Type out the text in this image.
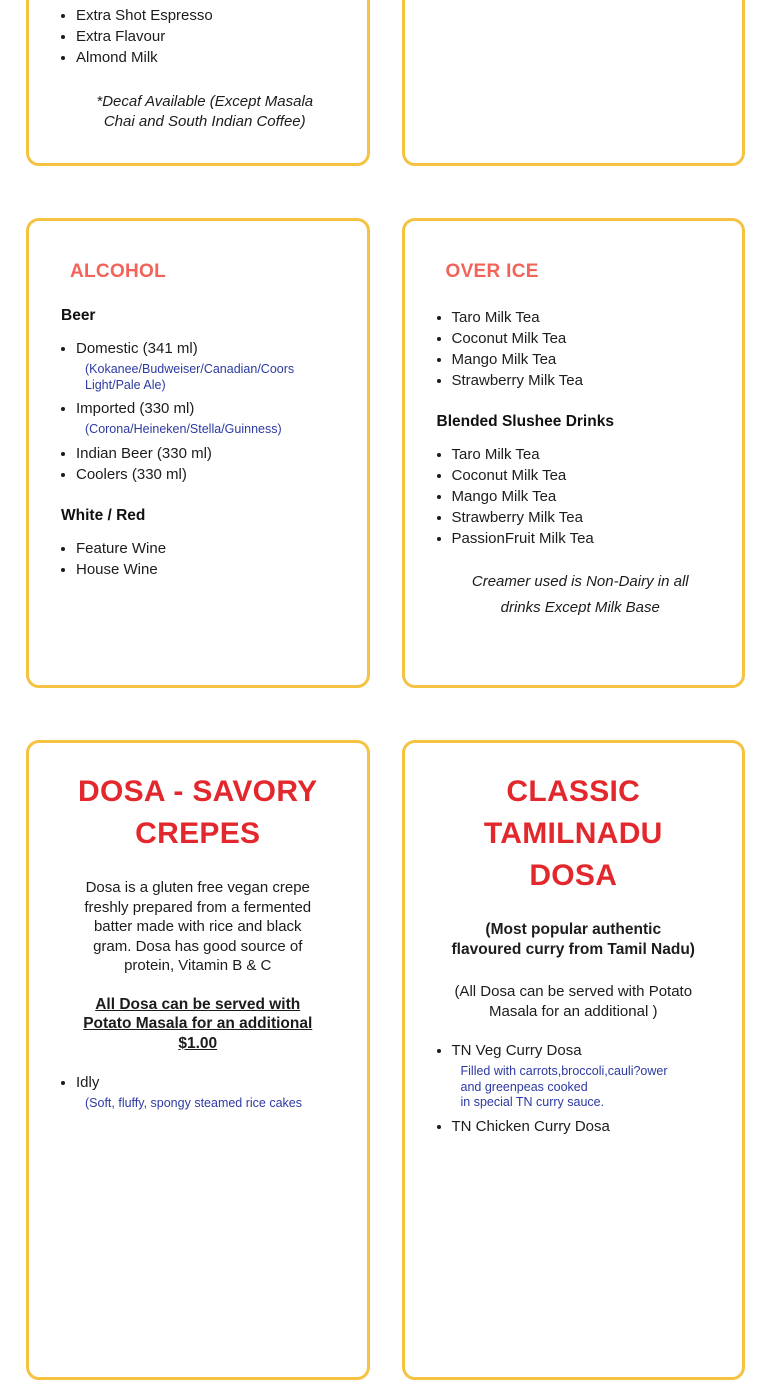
• Extra Shot Espresso
• Extra Flavour
• Almond Milk
*Decaf Available (Except Masala
Chai and South Indian Coffee)
ALCOHOL
Beer
• Domestic (341 ml)
(Kokanee/Budweiser/Canadian/Coors
Light/Pale Ale)
• Imported (330 ml)
(Corona/Heineken/Stella/Guinness)
• Indian Beer (330 ml)
• Coolers (330 ml)
White / Red
• Feature Wine
• House Wine
OVER ICE
• Taro Milk Tea
• Coconut Milk Tea
• Mango Milk Tea
• Strawberry Milk Tea
Blended Slushee Drinks
• Taro Milk Tea
• Coconut Milk Tea
• Mango Milk Tea
• Strawberry Milk Tea
• PassionFruit Milk Tea
Creamer used is Non-Dairy in all
drinks Except Milk Base
DOSA - SAVORY
CREPES
Dosa is a gluten free vegan crepe
freshly prepared from a fermented
batter made with rice and black
gram. Dosa has good source of
protein, Vitamin B & C
All Dosa can be served with
Potato Masala for an additional
$1.00
• Idly
(Soft, fluffy, spongy steamed rice cakes
CLASSIC
TAMILNADU
DOSA
(Most popular authentic
flavoured curry from Tamil Nadu)
(All Dosa can be served with Potato
Masala for an additional )
• TN Veg Curry Dosa
Filled with carrots,broccoli,cauli?ower
and greenpeas cooked
in special TN curry sauce.
• TN Chicken Curry Dosa
